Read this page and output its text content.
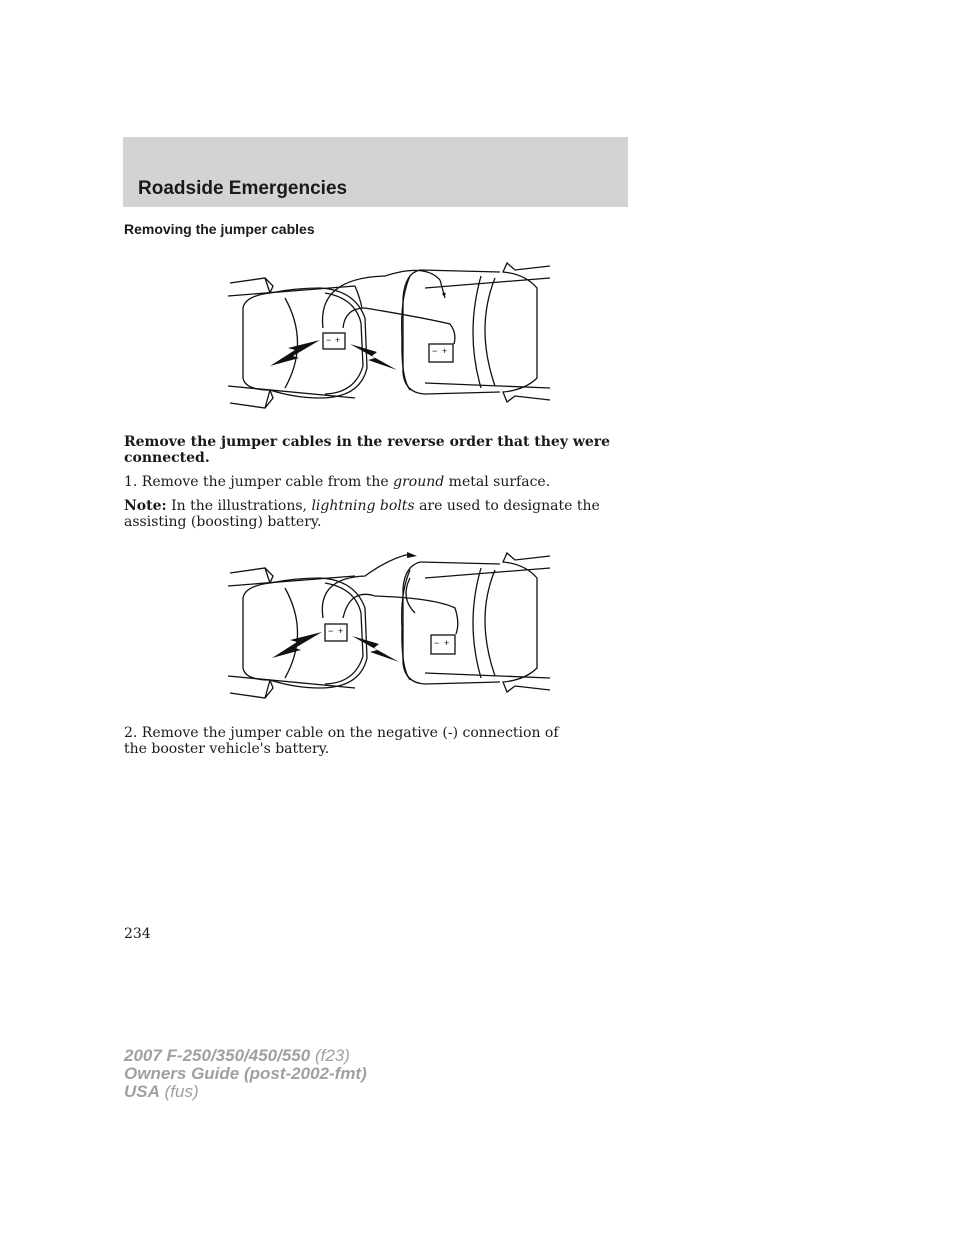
Roadside Emergencies
Removing the jumper cables
− +
− +
Remove the jumper cables in the reverse order that they were connected.
1. Remove the jumper cable from the ground metal surface.
Note: In the illustrations, lightning bolts are used to designate the assisting (boosting) battery.
− +
− +
2. Remove the jumper cable on the negative (-) connection of the booster vehicle's battery.
234
2007 F-250/350/450/550 (f23)
Owners Guide (post-2002-fmt)
USA (fus)
